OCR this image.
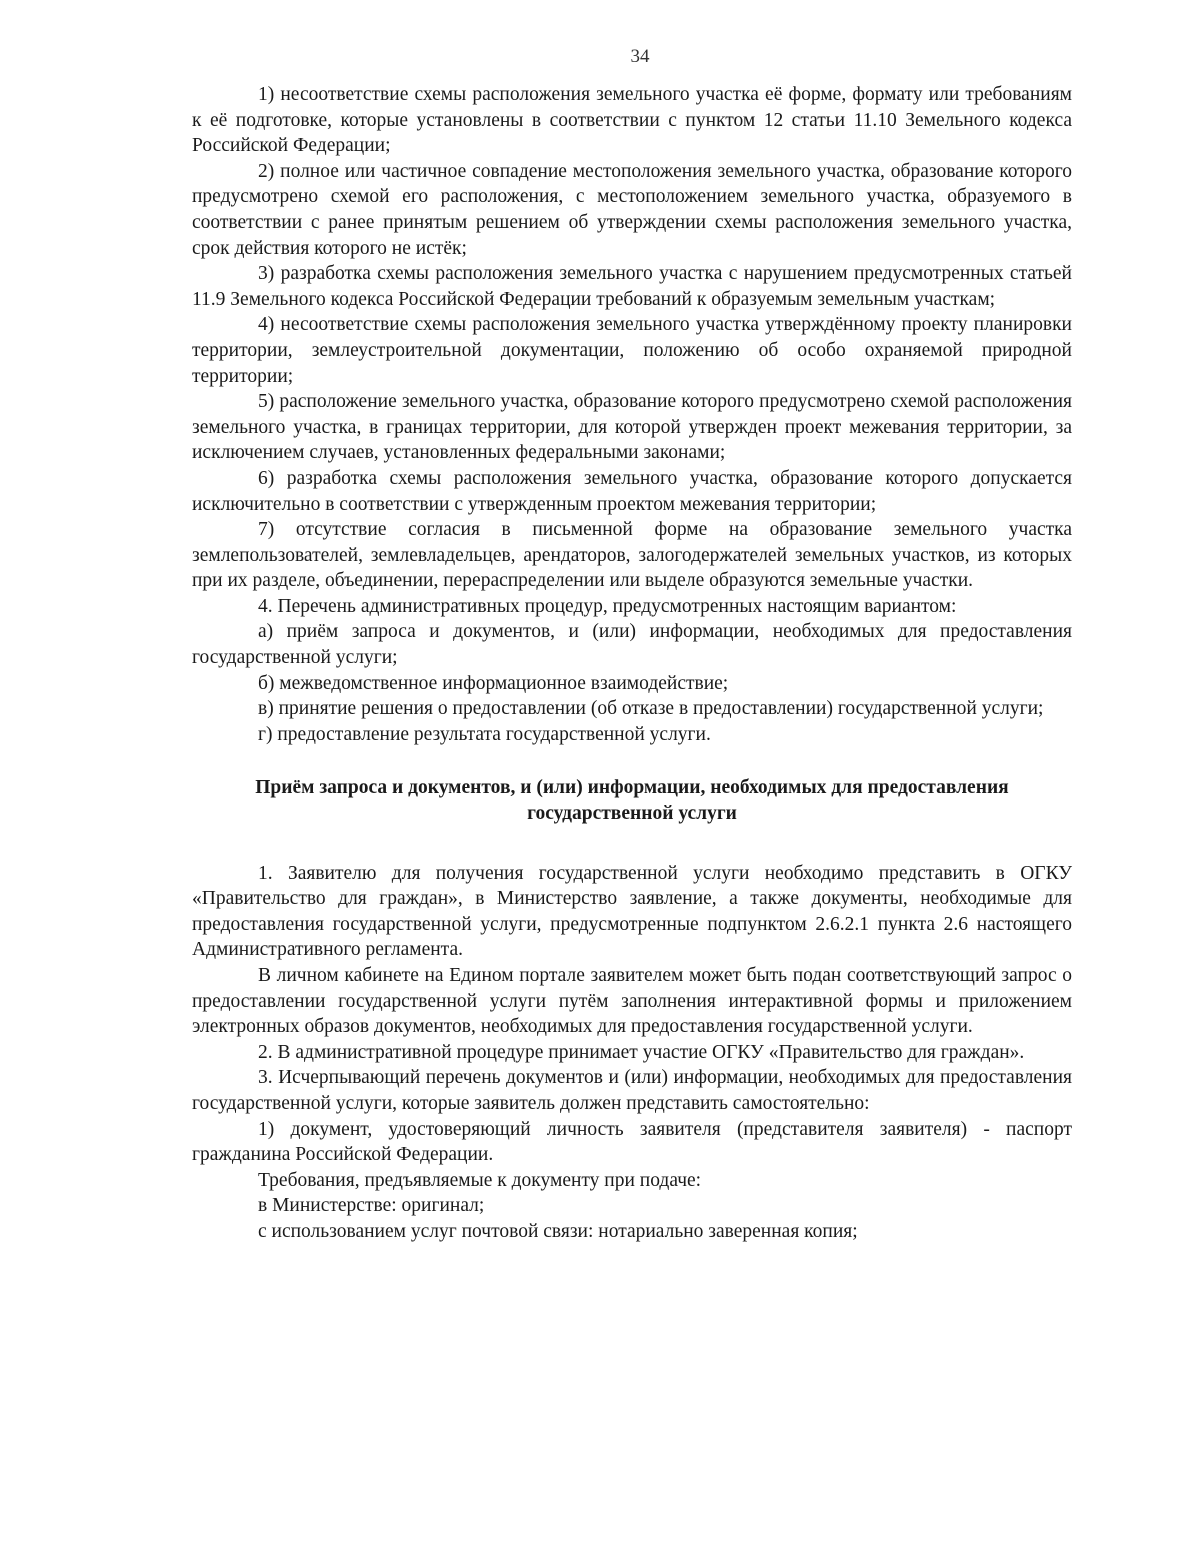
34

1) несоответствие схемы расположения земельного участка её форме, формату или требованиям к её подготовке, которые установлены в соответствии с пунктом 12 статьи 11.10 Земельного кодекса Российской Федерации;

2) полное или частичное совпадение местоположения земельного участка, образование которого предусмотрено схемой его расположения, с местоположением земельного участка, образуемого в соответствии с ранее принятым решением об утверждении схемы расположения земельного участка, срок действия которого не истёк;

3) разработка схемы расположения земельного участка с нарушением предусмотренных статьей 11.9 Земельного кодекса Российской Федерации требований к образуемым земельным участкам;

4) несоответствие схемы расположения земельного участка утверждённому проекту планировки территории, землеустроительной документации, положению об особо охраняемой природной территории;

5) расположение земельного участка, образование которого предусмотрено схемой расположения земельного участка, в границах территории, для которой утвержден проект межевания территории, за исключением случаев, установленных федеральными законами;

6) разработка схемы расположения земельного участка, образование которого допускается исключительно в соответствии с утвержденным проектом межевания территории;

7) отсутствие согласия в письменной форме на образование земельного участка землепользователей, землевладельцев, арендаторов, залогодержателей земельных участков, из которых при их разделе, объединении, перераспределении или выделе образуются земельные участки.

4. Перечень административных процедур, предусмотренных настоящим вариантом:

а) приём запроса и документов, и (или) информации, необходимых для предоставления государственной услуги;

б) межведомственное информационное взаимодействие;

в) принятие решения о предоставлении (об отказе в предоставлении) государственной услуги;

г) предоставление результата государственной услуги.

Приём запроса и документов, и (или) информации, необходимых для предоставления

государственной услуги

1. Заявителю для получения государственной услуги необходимо представить в ОГКУ «Правительство для граждан», в Министерство заявление, а также документы, необходимые для предоставления государственной услуги, предусмотренные подпунктом 2.6.2.1 пункта 2.6 настоящего Административного регламента.

В личном кабинете на Едином портале заявителем может быть подан соответствующий запрос о предоставлении государственной услуги путём заполнения интерактивной формы и приложением электронных образов документов, необходимых для предоставления государственной услуги.

2. В административной процедуре принимает участие ОГКУ «Правительство для граждан».

3. Исчерпывающий перечень документов и (или) информации, необходимых для предоставления государственной услуги, которые заявитель должен представить самостоятельно:

1) документ, удостоверяющий личность заявителя (представителя заявителя) - паспорт гражданина Российской Федерации.

Требования, предъявляемые к документу при подаче:

в Министерстве: оригинал;

с использованием услуг почтовой связи: нотариально заверенная копия;
